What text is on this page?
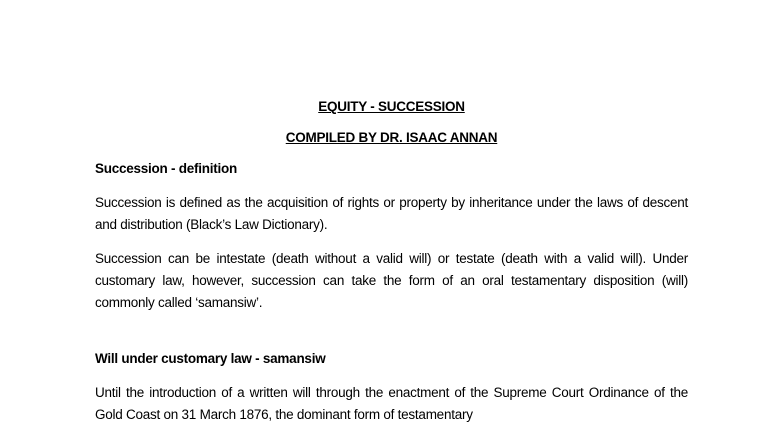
EQUITY - SUCCESSION
COMPILED BY DR. ISAAC ANNAN
Succession - definition

Succession is defined as the acquisition of rights or property by inheritance under the laws of descent and distribution (Black’s Law Dictionary).

Succession can be intestate (death without a valid will) or testate (death with a valid will). Under customary law, however, succession can take the form of an oral testamentary disposition (will) commonly called ‘samansiw’.

Will under customary law - samansiw

Until the introduction of a written will through the enactment of the Supreme Court Ordinance of the Gold Coast on 31 March 1876, the dominant form of testamentary
